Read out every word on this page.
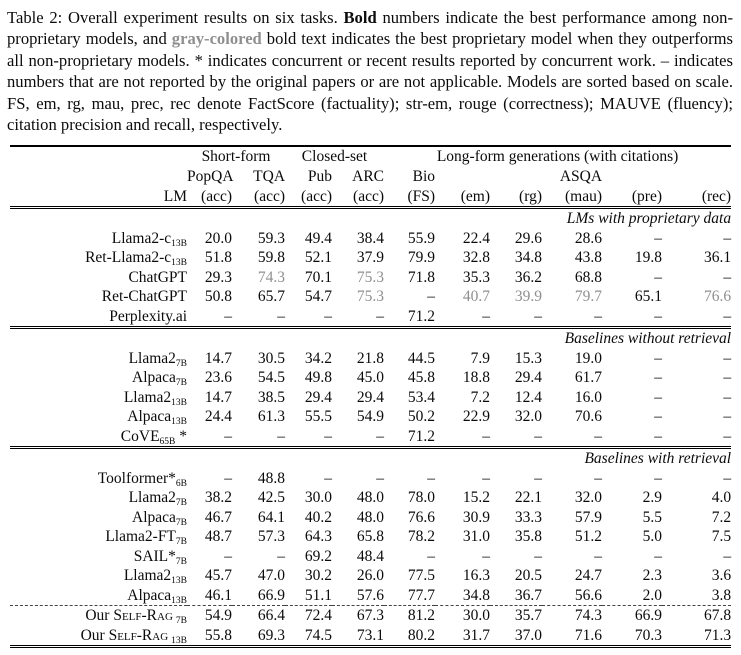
Table 2: Overall experiment results on six tasks. Bold numbers indicate the best performance among non-proprietary models, and gray-colored bold text indicates the best proprietary model when they outperforms all non-proprietary models. * indicates concurrent or recent results reported by concurrent work. – indicates numbers that are not reported by the original papers or are not applicable. Models are sorted based on scale. FS, em, rg, mau, prec, rec denote FactScore (factuality); str-em, rouge (correctness); MAUVE (fluency); citation precision and recall, respectively.
	Short-form		Closed-set		Long-form generations (with citations)					
	PopQA	TQA	Pub	ARC	Bio			ASQA		
LM	(acc)	(acc)	(acc)	(acc)	(FS)	(em)	(rg)	(mau)	(pre)	(rec)
LMs with proprietary data										
$Llama2-c_{13B}$	20.0	59.3	49.4	38.4	55.9	22.4	29.6	28.6	–	–
Ret-$Llama2-c_{13B}$	51.8	59.8	52.1	37.9	79.9	32.8	34.8	43.8	19.8	36.1
ChatGPT	29.3	74.3	70.1	75.3	71.8	35.3	36.2	68.8	–	–
Ret-ChatGPT	50.8	65.7	54.7	75.3	–	40.7	39.9	79.7	65.1	76.6
Perplexity.ai	–	–	–	–	71.2	–	–	–	–	–
Baselines without retrieval										
$Llama2_{7B}$	14.7	30.5	34.2	21.8	44.5	7.9	15.3	19.0	–	–
Alpaca$_{7B}$	23.6	54.5	49.8	45.0	45.8	18.8	29.4	61.7	–	–
$Llama2_{13B}$	14.7	38.5	29.4	29.4	53.4	7.2	12.4	16.0	–	–
Alpaca$_{13B}$	24.4	61.3	55.5	54.9	50.2	22.9	32.0	70.6	–	–
CoVE$_{65B}$ *	–	–	–	–	71.2	–	–	–	–	–
Baselines with retrieval										
$Toolformer*_{6B}$	–	48.8	–	–	–	–	–	–	–	–
$Llama2_{7B}$	38.2	42.5	30.0	48.0	78.0	15.2	22.1	32.0	2.9	4.0
Alpaca$_{7B}$	46.7	64.1	40.2	48.0	76.6	30.9	33.3	57.9	5.5	7.2
$Llama2-FT_{7B}$	48.7	57.3	64.3	65.8	78.2	31.0	35.8	51.2	5.0	7.5
$SAIL*_{7B}$	–	–	69.2	48.4	–	–	–	–	–	–
$Llama2_{13B}$	45.7	47.0	30.2	26.0	77.5	16.3	20.5	24.7	2.3	3.6
Alpaca$_{13B}$	46.1	66.9	51.1	57.6	77.7	34.8	36.7	56.6	2.0	3.8
Our Self-Rag $_{7B}$	54.9	66.4	72.4	67.3	81.2	30.0	35.7	74.3	66.9	67.8
Our Self-Rag $_{13B}$	55.8	69.3	74.5	73.1	80.2	31.7	37.0	71.6	70.3	71.3
